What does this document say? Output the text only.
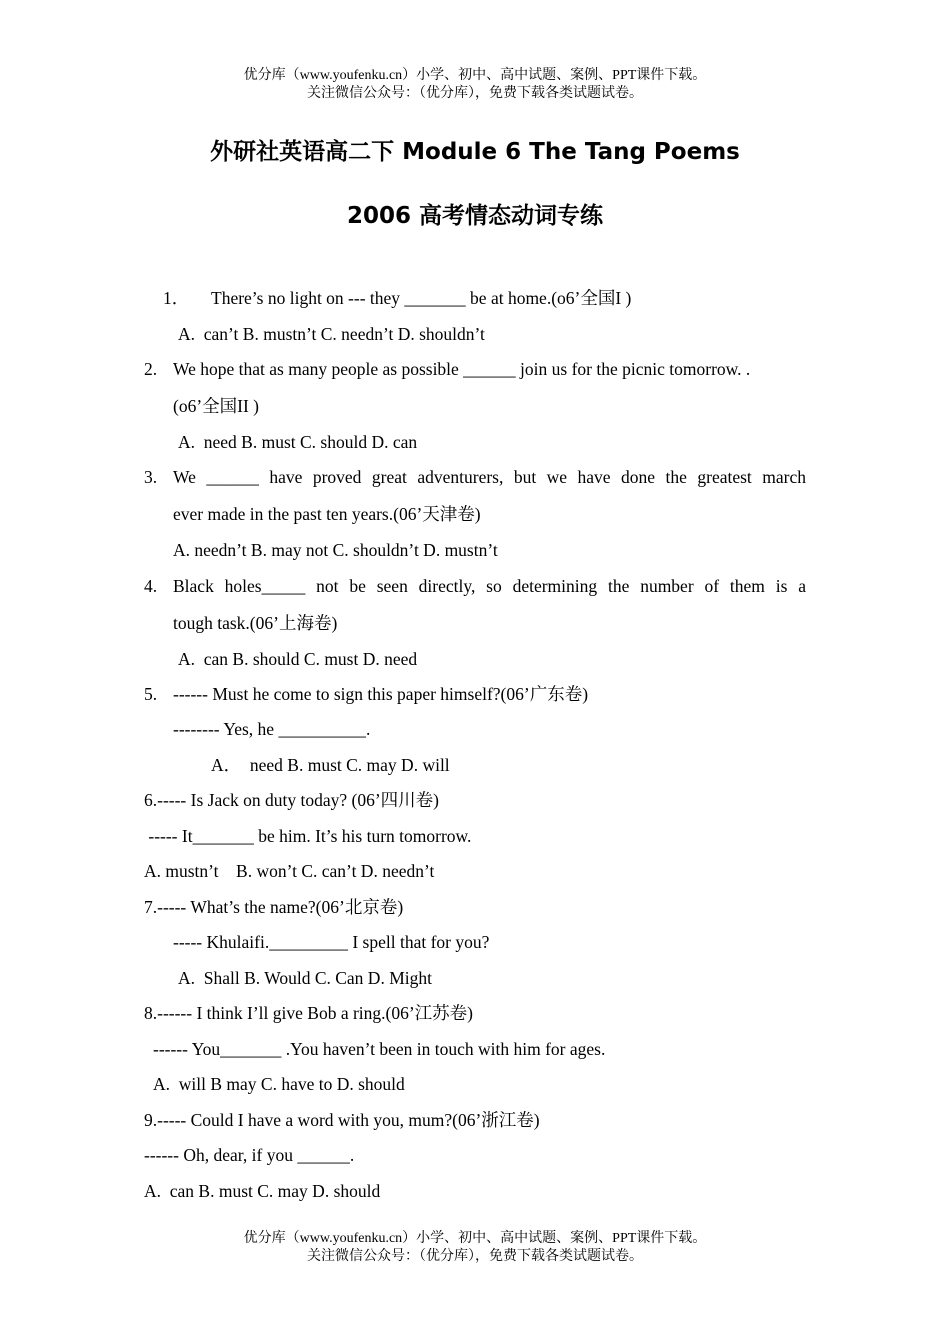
优分库（www.youfenku.cn）小学、初中、高中试题、案例、PPT课件下载。
关注微信公众号：（优分库），免费下载各类试题试卷。
外研社英语高二下 Module 6 The Tang Poems
2006 高考情态动词专练
1． There’s no light on --- they _______ be at home.(o6’全国I )
A.  can’t B. mustn’t C. needn’t D. shouldn’t
2. We hope that as many people as possible ______ join us for the picnic tomorrow. .
(o6’全国II )
A.  need B. must C. should D. can
3. We ______ have proved great adventurers, but we have done the greatest march
ever made in the past ten years.(06’天津卷)
A. needn’t B. may not C. shouldn’t D. mustn’t
4. Black holes_____ not be seen directly, so determining the number of them is a
tough task.(06’上海卷)
A.  can B. should C. must D. need
5. ------ Must he come to sign this paper himself?(06’广东卷)
-------- Yes, he __________.
A．  need B. must C. may D. will
6.----- Is Jack on duty today? (06’四川卷)
----- It_______ be him. It’s his turn tomorrow.
A. mustn’t    B. won’t C. can’t D. needn’t
7.----- What’s the name?(06’北京卷)
----- Khulaifi._________ I spell that for you?
A.  Shall B. Would C. Can D. Might
8.------ I think I’ll give Bob a ring.(06’江苏卷)
------ You_______ .You haven’t been in touch with him for ages.
A.  will B may C. have to D. should
9.----- Could I have a word with you, mum?(06’浙江卷)
------ Oh, dear, if you ______.
A.  can B. must C. may D. should
优分库（www.youfenku.cn）小学、初中、高中试题、案例、PPT课件下载。
关注微信公众号：（优分库），免费下载各类试题试卷。
